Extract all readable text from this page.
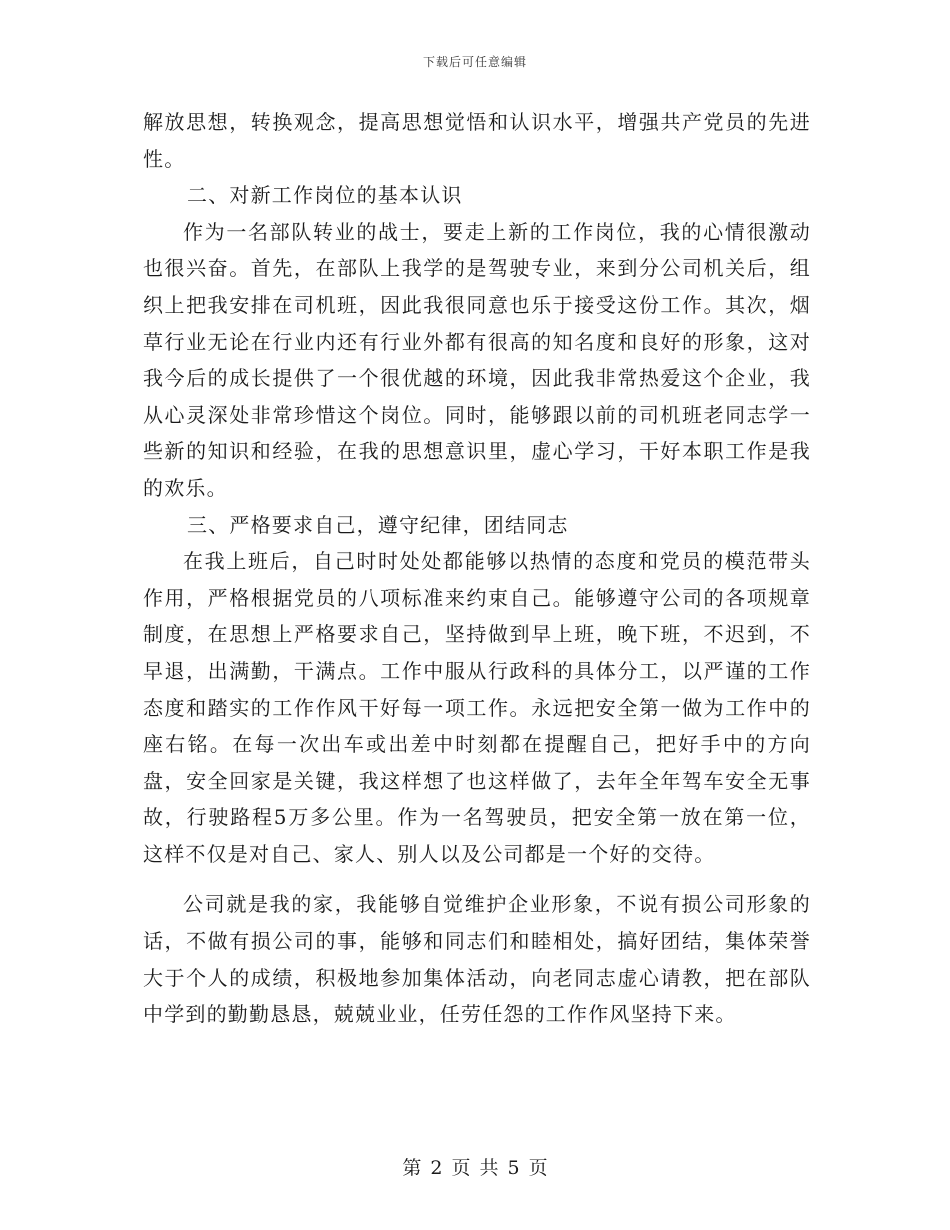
下载后可任意编辑

解放思想，转换观念，提高思想觉悟和认识水平，增强共产党员的先进性。

二、对新工作岗位的基本认识

作为一名部队转业的战士，要走上新的工作岗位，我的心情很激动也很兴奋。首先，在部队上我学的是驾驶专业，来到分公司机关后，组织上把我安排在司机班，因此我很同意也乐于接受这份工作。其次，烟草行业无论在行业内还有行业外都有很高的知名度和良好的形象，这对我今后的成长提供了一个很优越的环境，因此我非常热爱这个企业，我从心灵深处非常珍惜这个岗位。同时，能够跟以前的司机班老同志学一些新的知识和经验，在我的思想意识里，虚心学习，干好本职工作是我的欢乐。

三、严格要求自己，遵守纪律，团结同志

在我上班后，自己时时处处都能够以热情的态度和党员的模范带头作用，严格根据党员的八项标准来约束自己。能够遵守公司的各项规章制度，在思想上严格要求自己，坚持做到早上班，晚下班，不迟到，不早退，出满勤，干满点。工作中服从行政科的具体分工，以严谨的工作态度和踏实的工作作风干好每一项工作。永远把安全第一做为工作中的座右铭。在每一次出车或出差中时刻都在提醒自己，把好手中的方向盘，安全回家是关键，我这样想了也这样做了，去年全年驾车安全无事故，行驶路程5万多公里。作为一名驾驶员，把安全第一放在第一位，这样不仅是对自己、家人、别人以及公司都是一个好的交待。

公司就是我的家，我能够自觉维护企业形象，不说有损公司形象的话，不做有损公司的事，能够和同志们和睦相处，搞好团结，集体荣誉大于个人的成绩，积极地参加集体活动，向老同志虚心请教，把在部队中学到的勤勤恳恳，兢兢业业，任劳任怨的工作作风坚持下来。

第 2 页 共 5 页
